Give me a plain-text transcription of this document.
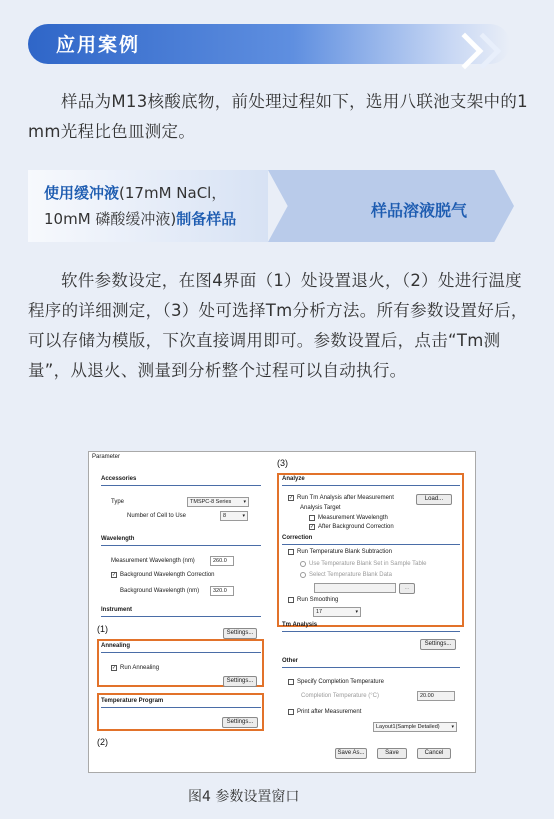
应用案例
样品为M13核酸底物，前处理过程如下，选用八联池支架中的1 mm光程比色皿测定。
使用缓冲液(17mM NaCl，
10mM 磷酸缓冲液)制备样品	样品溶液脱气
软件参数设定，在图4界面（1）处设置退火，（2）处进行温度程序的详细测定，（3）处可选择Tm分析方法。所有参数设置好后，可以存储为模版，下次直接调用即可。参数设置后，点击“Tm测量”，从退火、测量到分析整个过程可以自动执行。
Parameter
Accessories
Type	TMSPC-8 Series ▾
Number of Cell to Use	8 ▾
Wavelength
Measurement Wavelength (nm)	260.0
✓ Background Wavelength Correction
Background Wavelength (nm)	320.0
Instrument
Settings...
Annealing
✓ Run Annealing
Settings...
Temperature Program
Settings...
Analyze
✓ Run Tm Analysis after Measurement	Load...
Analysis Target
Measurement Wavelength
✓ After Background Correction
Correction
Run Temperature Blank Subtraction
Use Temperature Blank Set in Sample Table
Select Temperature Blank Data
...
Run Smoothing
17 ▾
Tm Analysis
Settings...
Other
Specify Completion Temperature
Completion Temperature (°C)	20.00
Print after Measurement
Layout1(Sample Detailed) ▾
Save As...	Save	Cancel
(1)
(2)
(3)
图4 参数设置窗口
